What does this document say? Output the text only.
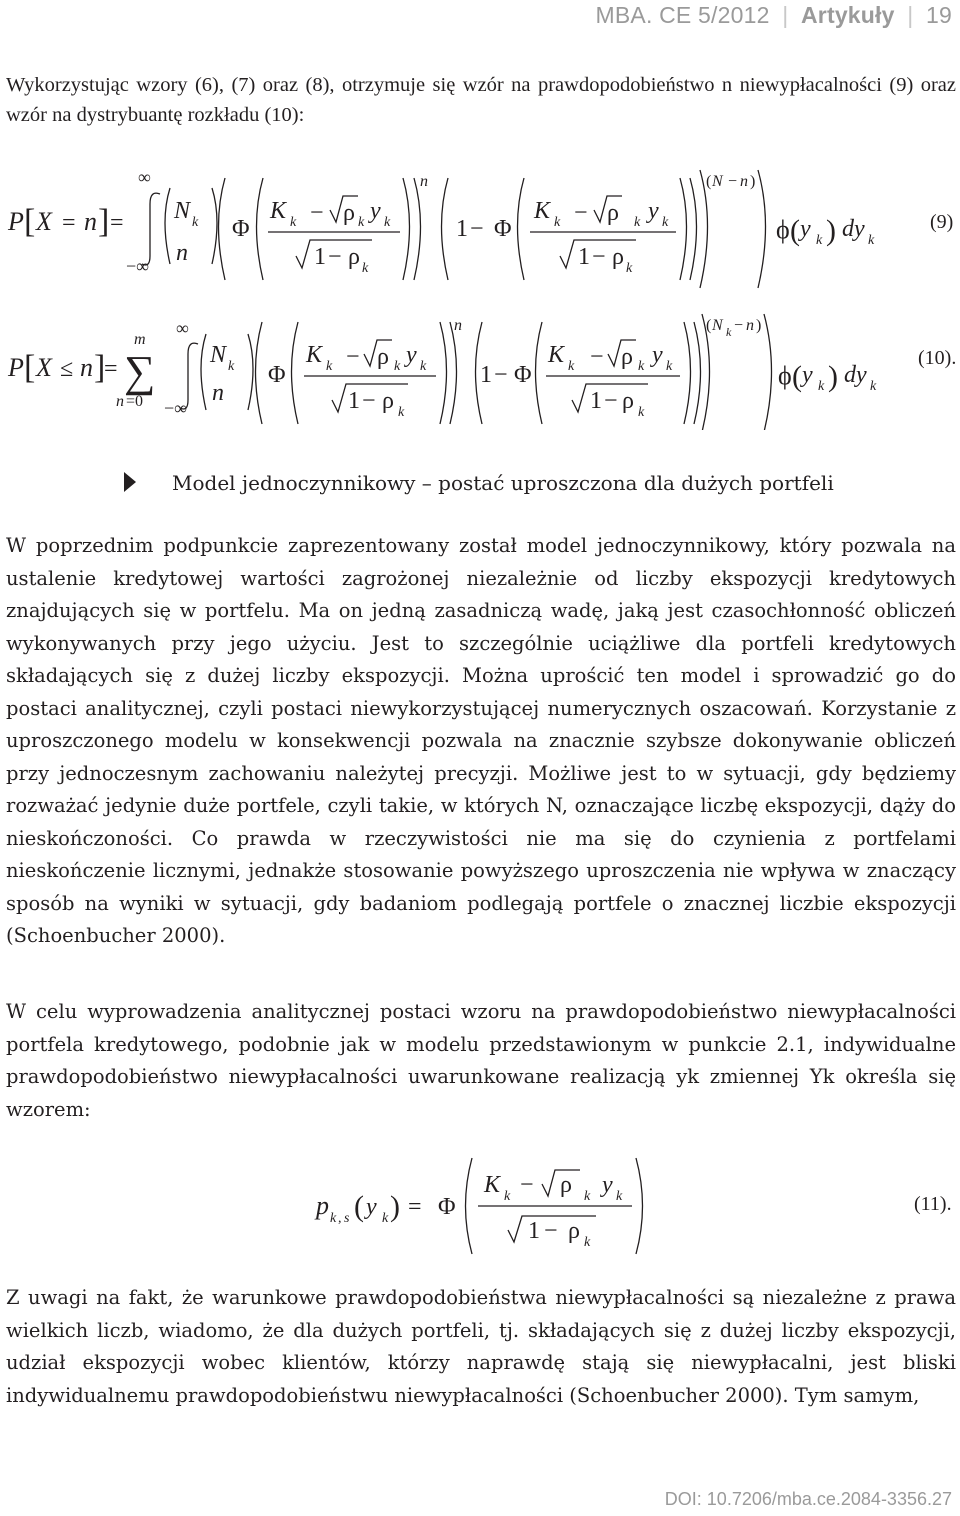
MBA. CE 5/2012 | Artykuły | 19
Wykorzystując wzory (6), (7) oraz (8), otrzymuje się wzór na prawdopodobieństwo n niewypłacalności (9) oraz wzór na dystrybuantę rozkładu (10):
P [ X = n ] =
∞
−∞
N k
n
Φ
K k − ρ k y k
1 − ρ k
n
1 − Φ
K k − ρ k y k
1 − ρ k
( N − n )
ϕ ( y k ) dy k
(9)
P [ X ≤ n ]
=
m
∑
n =0
∞
−∞
N k
n
Φ
K k − ρ k y k
1 − ρ k
n
1 − Φ
K k − ρ k y k
1 − ρ k
( N k − n )
ϕ ( y k ) dy k
(10).
Model jednoczynnikowy – postać uproszczona dla dużych portfeli
W poprzednim podpunkcie zaprezentowany został model jednoczynnikowy, który pozwala na ustalenie kredytowej wartości zagrożonej niezależnie od liczby ekspozycji kredytowych znajdujących się w portfelu. Ma on jedną zasadniczą wadę, jaką jest czasochłonność obliczeń wykonywanych przy jego użyciu. Jest to szczególnie uciążliwe dla portfeli kredytowych składających się z dużej liczby ekspozycji. Można uprościć ten model i sprowadzić go do postaci analitycznej, czyli postaci niewykorzystującej numerycznych oszacowań. Korzystanie z uproszczonego modelu w konsekwencji pozwala na znacznie szybsze dokonywanie obliczeń przy jednoczesnym zachowaniu należytej precyzji. Możliwe jest to w sytuacji, gdy będziemy rozważać jedynie duże portfele, czyli takie, w których N, oznaczające liczbę ekspozycji, dąży do nieskończoności. Co prawda w rzeczywistości nie ma się do czynienia z portfelami nieskończenie licznymi, jednakże stosowanie powyższego uproszczenia nie wpływa w znaczący sposób na wyniki w sytuacji, gdy badaniom podlegają portfele o znacznej liczbie ekspozycji (Schoenbucher 2000).
W celu wyprowadzenia analitycznej postaci wzoru na prawdopodobieństwo niewypłacalności portfela kredytowego, podobnie jak w modelu przedstawionym w punkcie 2.1, indywidualne prawdopodobieństwo niewypłacalności uwarunkowane realizacją yk zmiennej Yk określa się wzorem:
p k , s ( y k ) = Φ
K k − ρ k y k
1 − ρ k
(11).
Z uwagi na fakt, że warunkowe prawdopodobieństwa niewypłacalności są niezależne z prawa wielkich liczb, wiadomo, że dla dużych portfeli, tj. składających się z dużej liczby ekspozycji, udział ekspozycji wobec klientów, którzy naprawdę stają się niewypłacalni, jest bliski indywidualnemu prawdopodobieństwu niewypłacalności (Schoenbucher 2000). Tym samym,
DOI: 10.7206/mba.ce.2084-3356.27
